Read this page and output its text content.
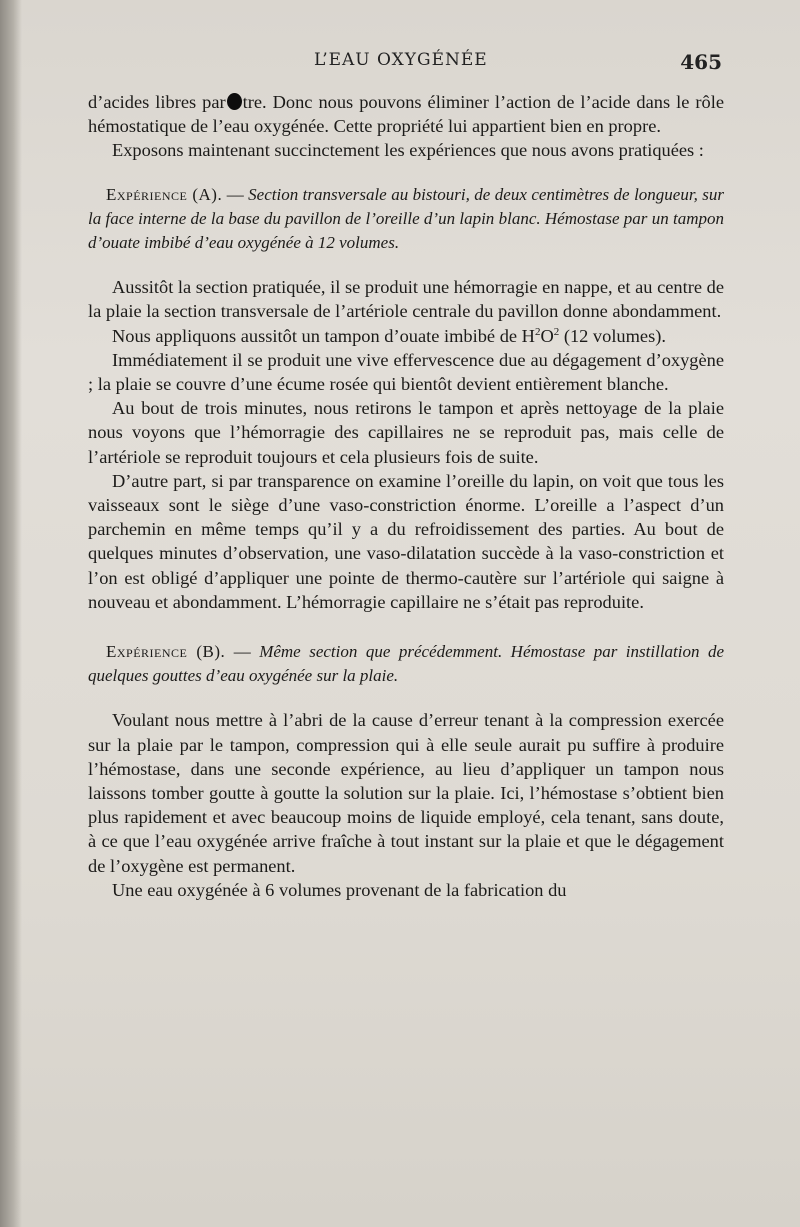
L’EAU OXYGÉNÉE	465

d’acides libres par tre. Donc nous pouvons éliminer l’action de l’acide dans le rôle hémostatique de l’eau oxygénée. Cette propriété lui appartient bien en propre.

Exposons maintenant succinctement les expériences que nous avons pratiquées :

Expérience (A). — Section transversale au bistouri, de deux centimètres de longueur, sur la face interne de la base du pavillon de l’oreille d’un lapin blanc. Hémostase par un tampon d’ouate imbibé d’eau oxygénée à 12 volumes.

Aussitôt la section pratiquée, il se produit une hémorragie en nappe, et au centre de la plaie la section transversale de l’artériole centrale du pavillon donne abondamment.

Nous appliquons aussitôt un tampon d’ouate imbibé de $H^2O^2$ (12 volumes).

Immédiatement il se produit une vive effervescence due au dégagement d’oxygène ; la plaie se couvre d’une écume rosée qui bientôt devient entièrement blanche.

Au bout de trois minutes, nous retirons le tampon et après nettoyage de la plaie nous voyons que l’hémorragie des capillaires ne se reproduit pas, mais celle de l’artériole se reproduit toujours et cela plusieurs fois de suite.

D’autre part, si par transparence on examine l’oreille du lapin, on voit que tous les vaisseaux sont le siège d’une vaso-constriction énorme. L’oreille a l’aspect d’un parchemin en même temps qu’il y a du refroidissement des parties. Au bout de quelques minutes d’observation, une vaso-dilatation succède à la vaso-constriction et l’on est obligé d’appliquer une pointe de thermo-cautère sur l’artériole qui saigne à nouveau et abondamment. L’hémorragie capillaire ne s’était pas reproduite.

Expérience (B). — Même section que précédemment. Hémostase par instillation de quelques gouttes d’eau oxygénée sur la plaie.

Voulant nous mettre à l’abri de la cause d’erreur tenant à la compression exercée sur la plaie par le tampon, compression qui à elle seule aurait pu suffire à produire l’hémostase, dans une seconde expérience, au lieu d’appliquer un tampon nous laissons tomber goutte à goutte la solution sur la plaie. Ici, l’hémostase s’obtient bien plus rapidement et avec beaucoup moins de liquide employé, cela tenant, sans doute, à ce que l’eau oxygénée arrive fraîche à tout instant sur la plaie et que le dégagement de l’oxygène est permanent.

Une eau oxygénée à 6 volumes provenant de la fabrication du
